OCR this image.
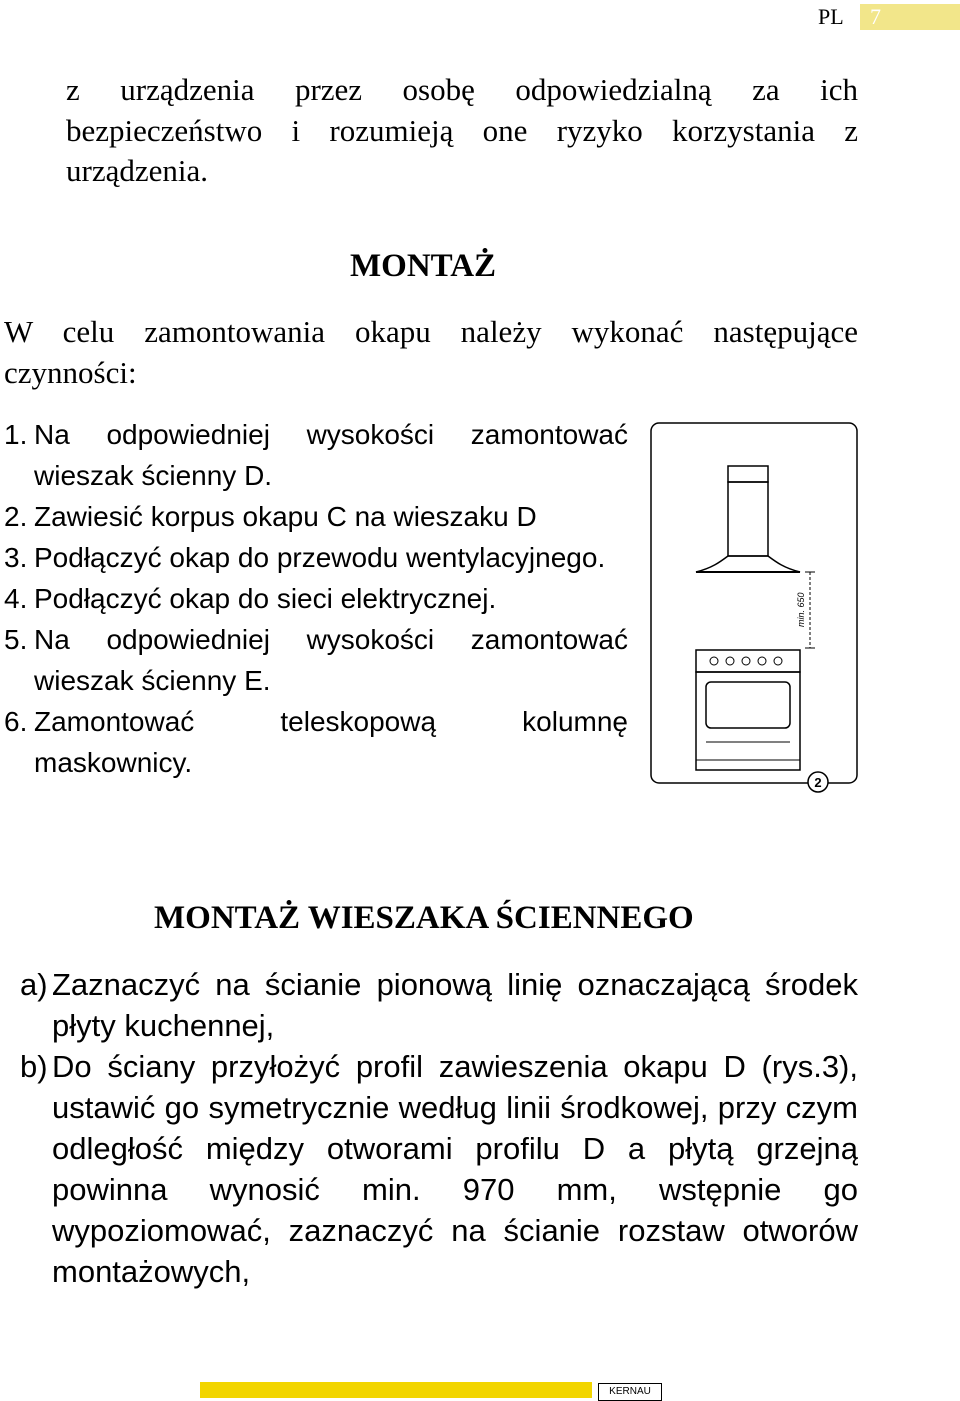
PL	7
z urządzenia przez osobę odpowiedzialną za ich bezpieczeństwo i rozumieją one ryzyko korzystania z urządzenia.
MONTAŻ
W celu zamontowania okapu należy wykonać następujące czynności:
1. Na odpowiedniej wysokości zamontować wieszak ścienny D.
2. Zawiesić korpus okapu C na wieszaku D
3. Podłączyć okap do przewodu wentylacyjnego.
4. Podłączyć okap do sieci elektrycznej.
5. Na odpowiedniej wysokości zamontować wieszak ścienny E.
6. Zamontować teleskopową kolumnę maskownicy.
min. 650
2
MONTAŻ WIESZAKA ŚCIENNEGO
a) Zaznaczyć na ścianie pionową linię oznaczającą środek płyty kuchennej,
b) Do ściany przyłożyć profil zawieszenia okapu D (rys.3), ustawić go symetrycznie według linii środkowej, przy czym odległość między otworami profilu D a płytą grzejną powinna wynosić min. 970 mm, wstępnie go wypoziomować, zaznaczyć na ścianie rozstaw otworów montażowych,
KERNAU
